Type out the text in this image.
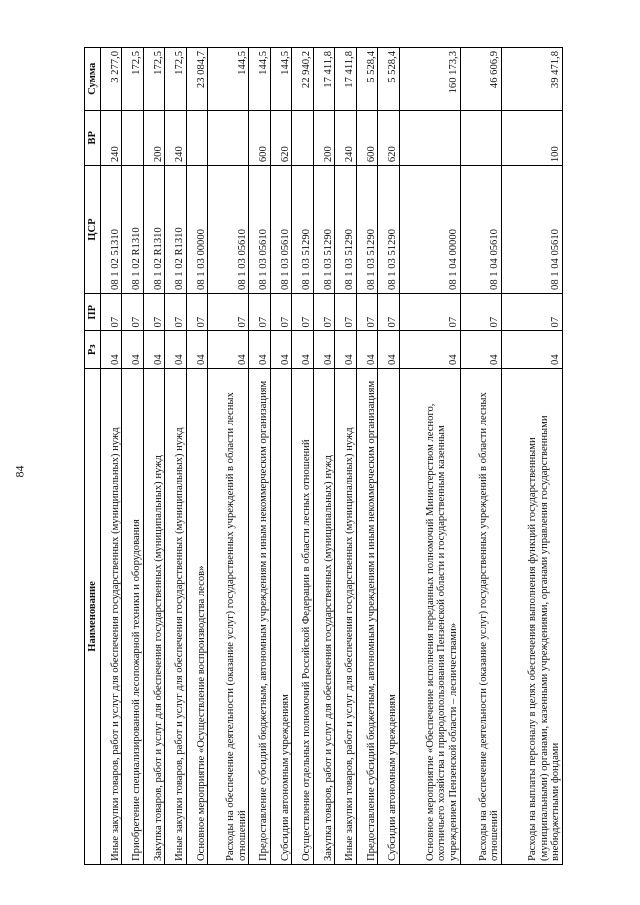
84
Наименование	Рз	ПР	ЦСР	ВР	Сумма
Иные закупки товаров, работ и услуг для обеспечения государственных (муниципальных) нужд	04	07	08 1 02 51310	240	3 277,0
Приобретение специализированной лесопожарной техники и оборудования	04	07	08 1 02 R1310		172,5
Закупка товаров, работ и услуг для обеспечения государственных (муниципальных) нужд	04	07	08 1 02 R1310	200	172,5
Иные закупки товаров, работ и услуг для обеспечения государственных (муниципальных) нужд	04	07	08 1 02 R1310	240	172,5
Основное мероприятие «Осуществление воспроизводства лесов»	04	07	08 1 03 00000		23 084,7
Расходы на обеспечение деятельности (оказание услуг) государственных учреждений в области лесных отношений	04	07	08 1 03 05610		144,5
Предоставление субсидий бюджетным, автономным учреждениям и иным некоммерческим организациям	04	07	08 1 03 05610	600	144,5
Субсидии автономным учреждениям	04	07	08 1 03 05610	620	144,5
Осуществление отдельных полномочий Российской Федерации в области лесных отношений	04	07	08 1 03 51290		22 940,2
Закупка товаров, работ и услуг для обеспечения государственных (муниципальных) нужд	04	07	08 1 03 51290	200	17 411,8
Иные закупки товаров, работ и услуг для обеспечения государственных (муниципальных) нужд	04	07	08 1 03 51290	240	17 411,8
Предоставление субсидий бюджетным, автономным учреждениям и иным некоммерческим организациям	04	07	08 1 03 51290	600	5 528,4
Субсидии автономным учреждениям	04	07	08 1 03 51290	620	5 528,4
Основное мероприятие «Обеспечение исполнения переданных полномочий Министерством лесного, охотничьего хозяйства и природопользования Пензенской области и государственным казенным учреждением Пензенской области – лесничествами»	04	07	08 1 04 00000		160 173,3
Расходы на обеспечение деятельности (оказание услуг) государственных учреждений в области лесных отношений	04	07	08 1 04 05610		46 606,9
Расходы на выплаты персоналу в целях обеспечения выполнения функций государственными (муниципальными) органами, казенными учреждениями, органами управления государственными внебюджетными фондами	04	07	08 1 04 05610	100	39 471,8
